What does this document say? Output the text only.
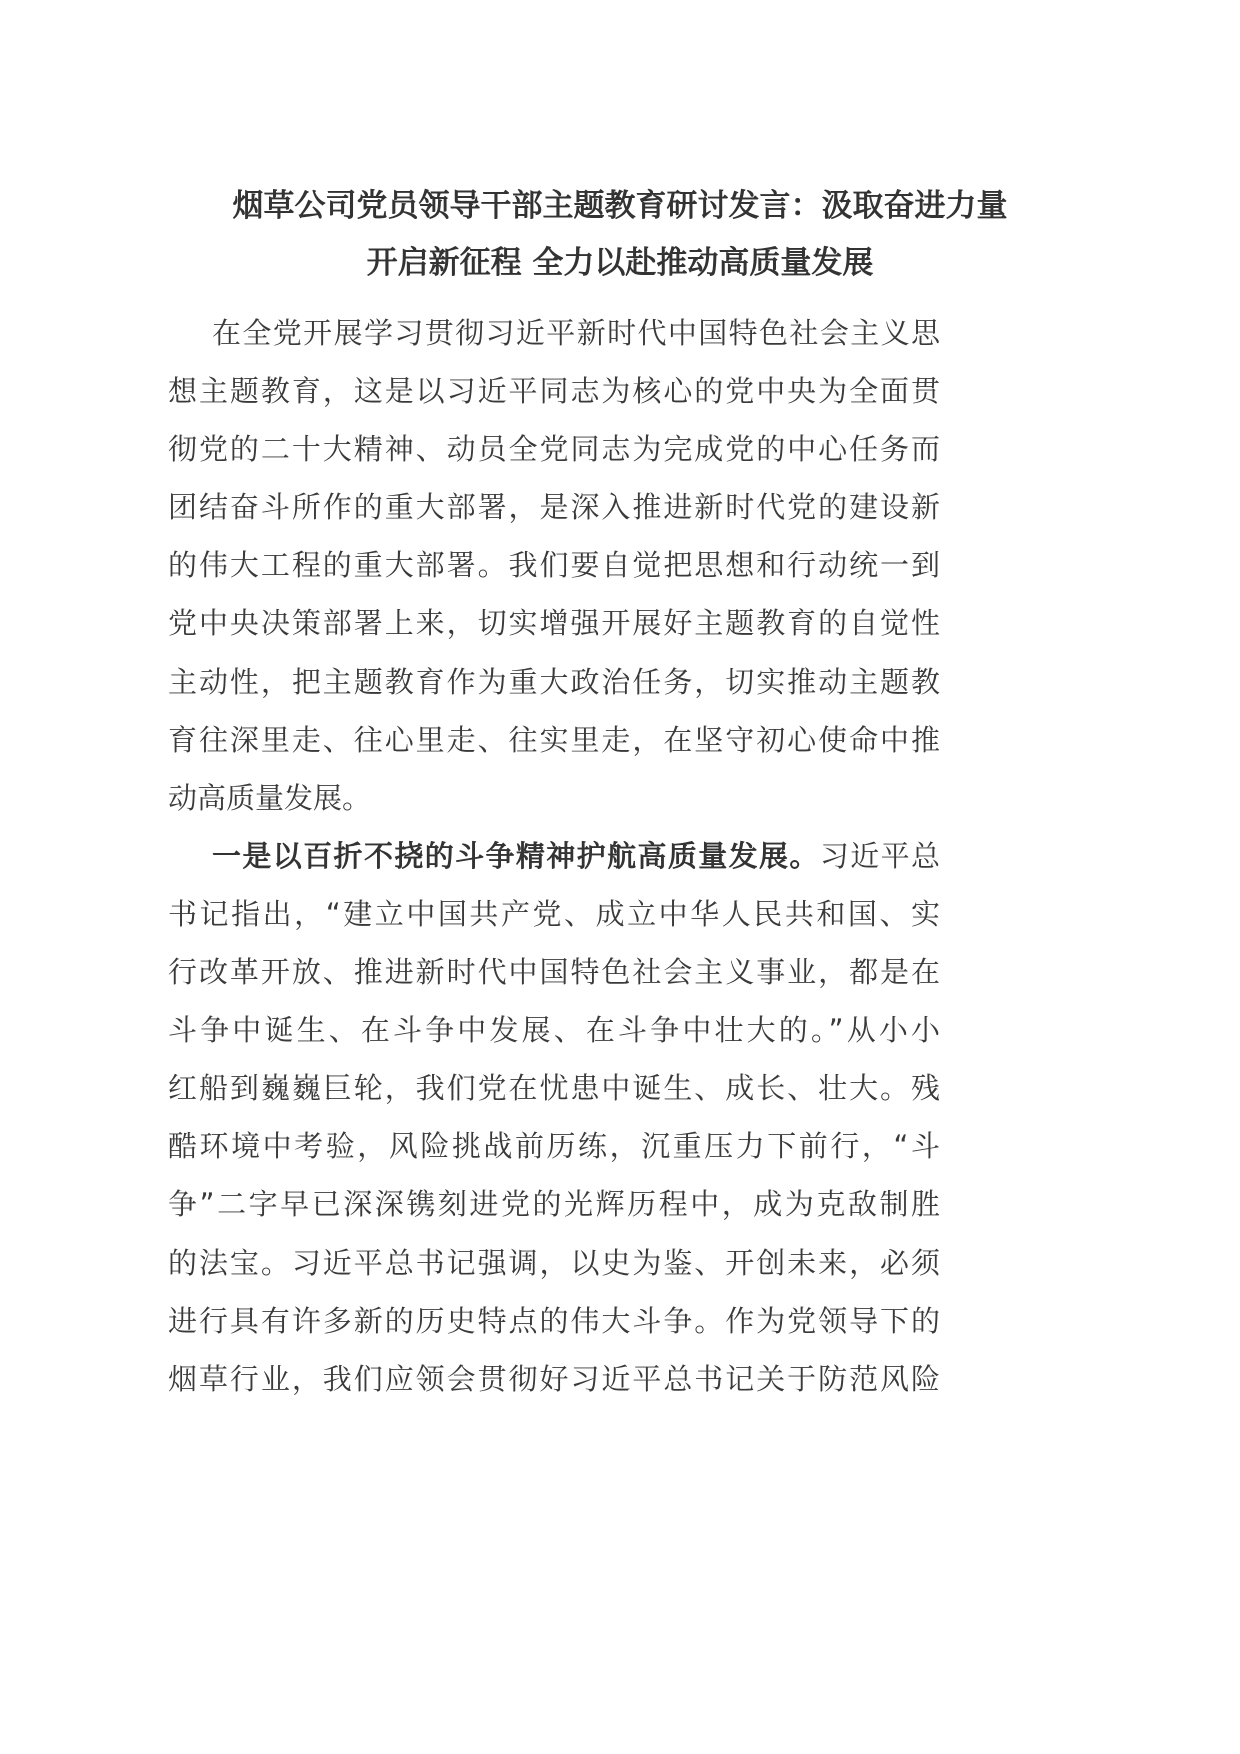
烟草公司党员领导干部主题教育研讨发言：汲取奋进力量
开启新征程 全力以赴推动高质量发展
在全党开展学习贯彻习近平新时代中国特色社会主义思
想主题教育，这是以习近平同志为核心的党中央为全面贯
彻党的二十大精神、动员全党同志为完成党的中心任务而
团结奋斗所作的重大部署，是深入推进新时代党的建设新
的伟大工程的重大部署。我们要自觉把思想和行动统一到
党中央决策部署上来，切实增强开展好主题教育的自觉性
主动性，把主题教育作为重大政治任务，切实推动主题教
育往深里走、往心里走、往实里走，在坚守初心使命中推
动高质量发展。
一是以百折不挠的斗争精神护航高质量发展。习近平总
书记指出，“建立中国共产党、成立中华人民共和国、实
行改革开放、推进新时代中国特色社会主义事业，都是在
斗争中诞生、在斗争中发展、在斗争中壮大的。”从小小
红船到巍巍巨轮，我们党在忧患中诞生、成长、壮大。残
酷环境中考验，风险挑战前历练，沉重压力下前行，“斗
争”二字早已深深镌刻进党的光辉历程中，成为克敌制胜
的法宝。习近平总书记强调，以史为鉴、开创未来，必须
进行具有许多新的历史特点的伟大斗争。作为党领导下的
烟草行业，我们应领会贯彻好习近平总书记关于防范风险
